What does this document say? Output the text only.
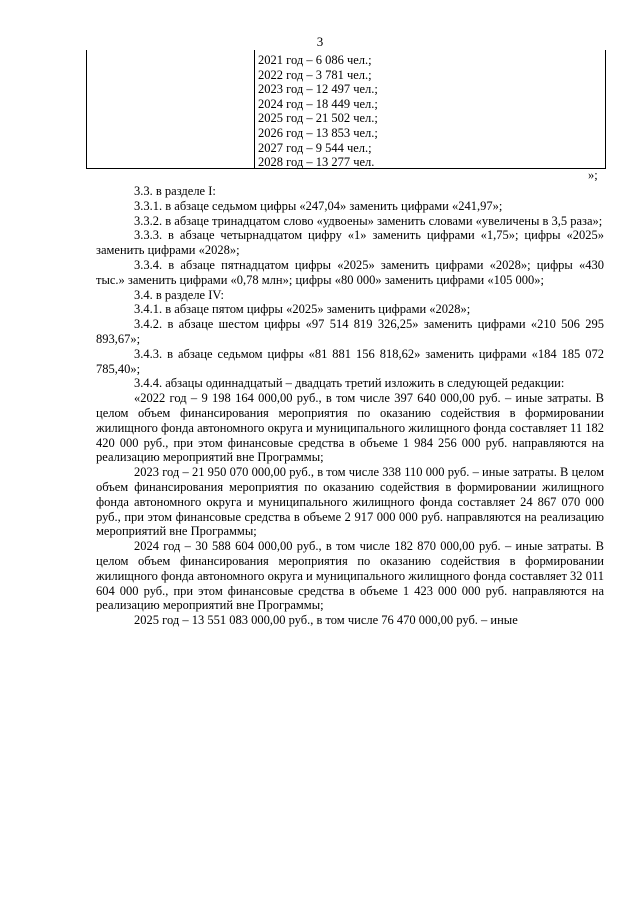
3
2021 год – 6 086 чел.;
2022 год – 3 781 чел.;
2023 год – 12 497 чел.;
2024 год – 18 449 чел.;
2025 год – 21 502 чел.;
2026 год – 13 853 чел.;
2027 год – 9 544 чел.;
2028 год – 13 277 чел.
»;

3.3. в разделе I:

3.3.1. в абзаце седьмом цифры «247,04» заменить цифрами «241,97»;

3.3.2. в абзаце тринадцатом слово «удвоены» заменить словами «увеличены в 3,5 раза»;

3.3.3. в абзаце четырнадцатом цифру «1» заменить цифрами «1,75»; цифры «2025» заменить цифрами «2028»;

3.3.4. в абзаце пятнадцатом цифры «2025» заменить цифрами «2028»; цифры «430 тыс.» заменить цифрами «0,78 млн»; цифры «80 000» заменить цифрами «105 000»;

3.4. в разделе IV:

3.4.1. в абзаце пятом цифры «2025» заменить цифрами «2028»;

3.4.2. в абзаце шестом цифры «97 514 819 326,25» заменить цифрами «210 506 295 893,67»;

3.4.3. в абзаце седьмом цифры «81 881 156 818,62» заменить цифрами «184 185 072 785,40»;

3.4.4. абзацы одиннадцатый – двадцать третий изложить в следующей редакции:

«2022 год – 9 198 164 000,00 руб., в том числе 397 640 000,00 руб. – иные затраты. В целом объем финансирования мероприятия по оказанию содействия в формировании жилищного фонда автономного округа и муниципального жилищного фонда составляет 11 182 420 000 руб., при этом финансовые средства в объеме 1 984 256 000 руб. направляются на реализацию мероприятий вне Программы;

2023 год – 21 950 070 000,00 руб., в том числе 338 110 000 руб. – иные затраты. В целом объем финансирования мероприятия по оказанию содействия в формировании жилищного фонда автономного округа и муниципального жилищного фонда составляет 24 867 070 000 руб., при этом финансовые средства в объеме 2 917 000 000 руб. направляются на реализацию мероприятий вне Программы;

2024 год – 30 588 604 000,00 руб., в том числе 182 870 000,00 руб. – иные затраты. В целом объем финансирования мероприятия по оказанию содействия в формировании жилищного фонда автономного округа и муниципального жилищного фонда составляет 32 011 604 000 руб., при этом финансовые средства в объеме 1 423 000 000 руб. направляются на реализацию мероприятий вне Программы;

2025 год – 13 551 083 000,00 руб., в том числе 76 470 000,00 руб. – иные
